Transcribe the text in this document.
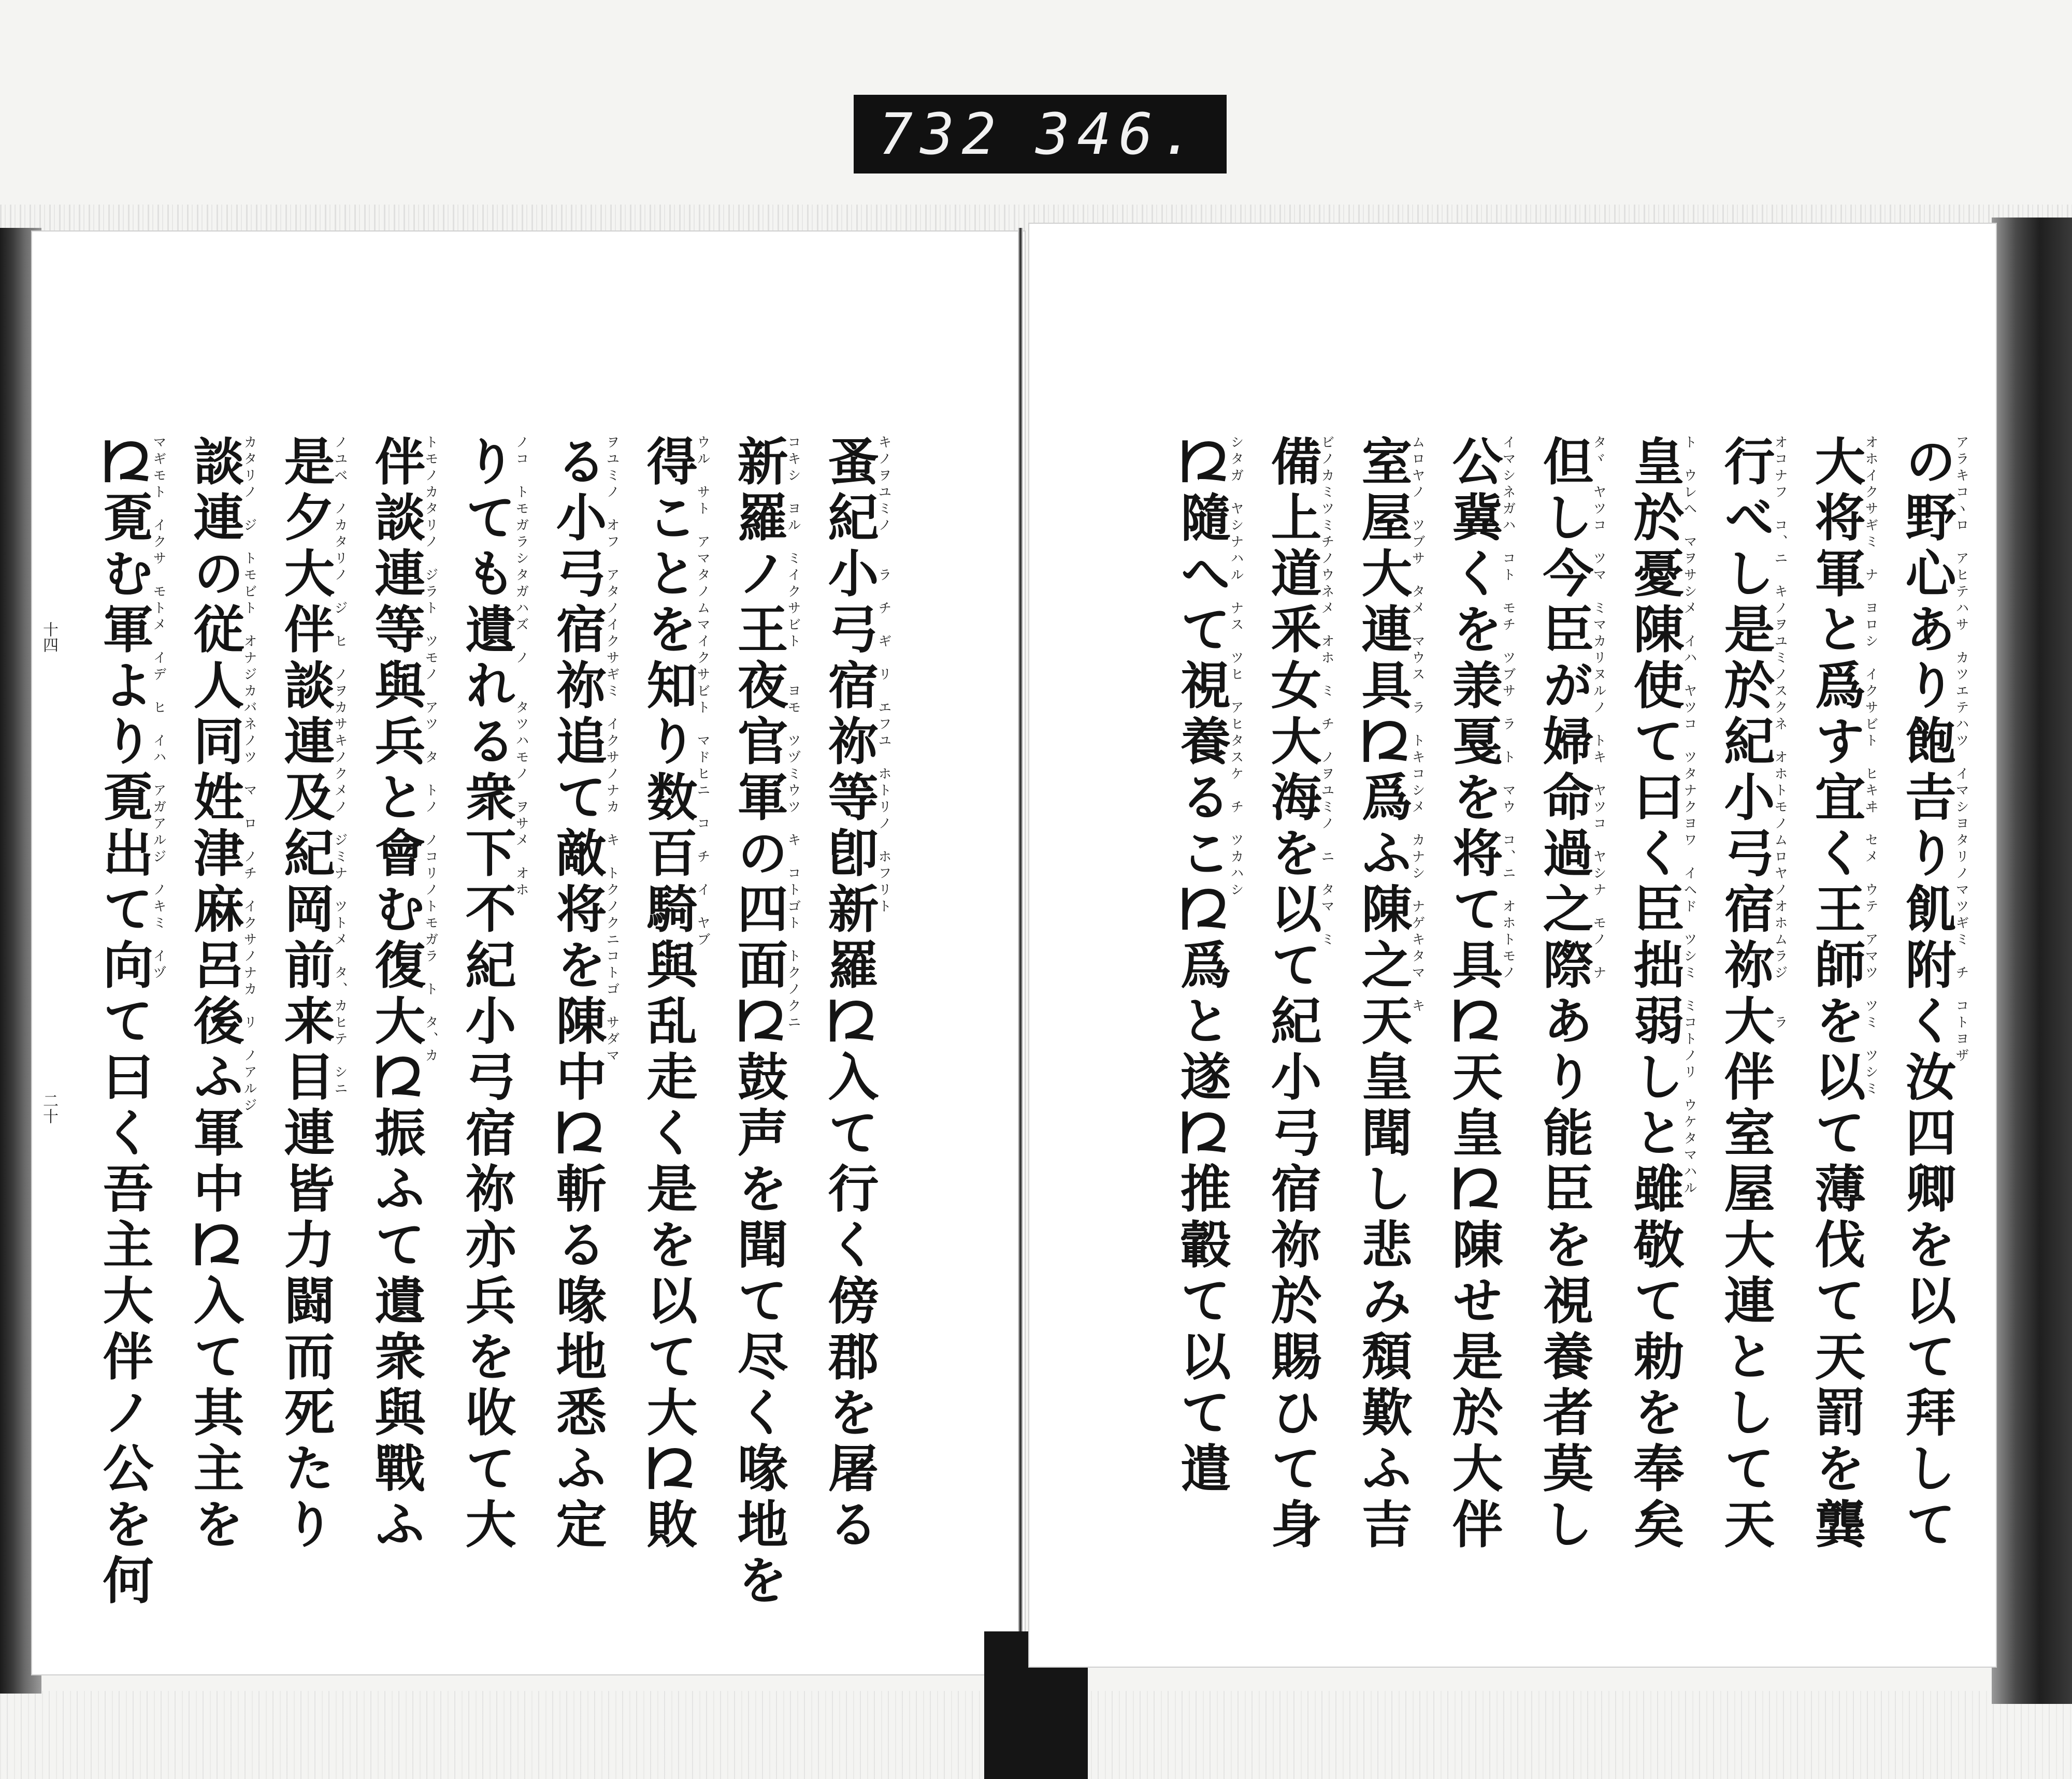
732 346.
十四
二十	蚤紀小弓宿祢等卽新羅𛀁入て行く傍郡を屠る
キノヲユミノ　　ラ　チ　ギ　リ　エフユ　ホトリノ　ホフリト
新羅ノ王夜官軍の四面𛀁鼓声を聞て尽く喙地を
コキシ　ヨル　ミイクサビト　　ヨモ　ツヅミウツ　キ　コトゴト　トクノクニ
得ことを知り数百騎與乱走く是を以て大𛀁敗
ウル　サト　アマタノムマイクサビト　マドヒニ　コ　チ　イ　ヤブ
る小弓宿祢追て敵将を陳中𛀁斬る喙地悉ふ定
ヲユミノ　オフ　アタノイクサギミ　イクサノナカ　キ　トクノクニコトゴ　サダマ
りても遺れる衆下不紀小弓宿祢亦兵を收て大
ノコ　トモガラシタガハズ　ノ　　タツハモノ　ヲサメ　オホ
伴談連等與兵と會む復大𛀁振ふて遺衆與戰ふ
トモノカタリノ　ジラト　ツモノ　アツ　タ　トノ　ノコリノトモガラ　ト　タ、カ
是夕大伴談連及紀岡前来目連皆力闘而死たり
ノユベ　ノカタリノ　ジ　ヒ　ノヲカサキノクメノ　ジミナ　ツトメ　タ、カヒテ　シニ
談連の従人同姓津麻呂後ふ軍中𛀁入て其主を
カタリノ　ジ　トモビト　オナジカバネノツ　マ　ロ　ノチ　イクサノナカ　リ　ノアルジ
𛀁覔む軍より覔出て向て曰く吾主大伴ノ公を何
マギモト　イクサ　モトメ　イデ　ヒ　イハ　アガアルジ　ノキミ　イヅ	の野心あり飽𠮷り飢附く汝四卿を以て拜して
アラキコヽロ　アヒテハサ　カツエテハツ　イマシヨタリノマツギミ　チ　コトヨザ
大将軍と爲す宜く王師を以て薄伐て天罰を龔
オホイクサギミ　ナ　ヨロシ　イクサビト　ヒキヰ　セメ　ウテ　アマツ　ツミ　ツシミ
行べし是於紀小弓宿祢大伴室屋大連として天
オコナフ　コ、ニ　キノヲユミノスクネ　オホトモノムロヤノオホムラジ　　ラ
皇於憂陳使て曰く臣拙弱しと雖敬て勅を奉矣
ト　ウレヘ　マヲサシメ　イハ　ヤツコ　ツタナクヨワ　イヘド　ツシミ　ミコトノリ　ウケタマハル
但し今臣が婦命過之際あり能臣を視養者莫し
タヾ　ヤツコ　ツマ　ミマカリヌルノ　トキ　ヤツコ　ヤシナ　モノ　ナ
公冀くを𣴎戛を将て具𛀁天皇𛀁陳せ是於大伴
イマシネガハ　コト　モチ　ツブサ　ラ　ト　マウ　コ、ニ　オホトモノ
室屋大連具𛀁爲ふ陳之天皇聞し悲み頽歎ふ吉
ムロヤノ　ツブサ　タメ　マウス　ラ　トキコシメ　カナシ　ナゲキタマ　キ
備上道釆女大海を以て紀小弓宿祢於賜ひて身
ビノカミツミチノウネメ　オホ　ミ　チ　ノヲユミノ　ニ　タマ　ミ
𛀁隨へて視養るこ𛀁爲と遂𛀁推轂て以て遣
シタガ　ヤシナハル　ナス　ツヒ　アヒタスケ　チ　ツカハシ
